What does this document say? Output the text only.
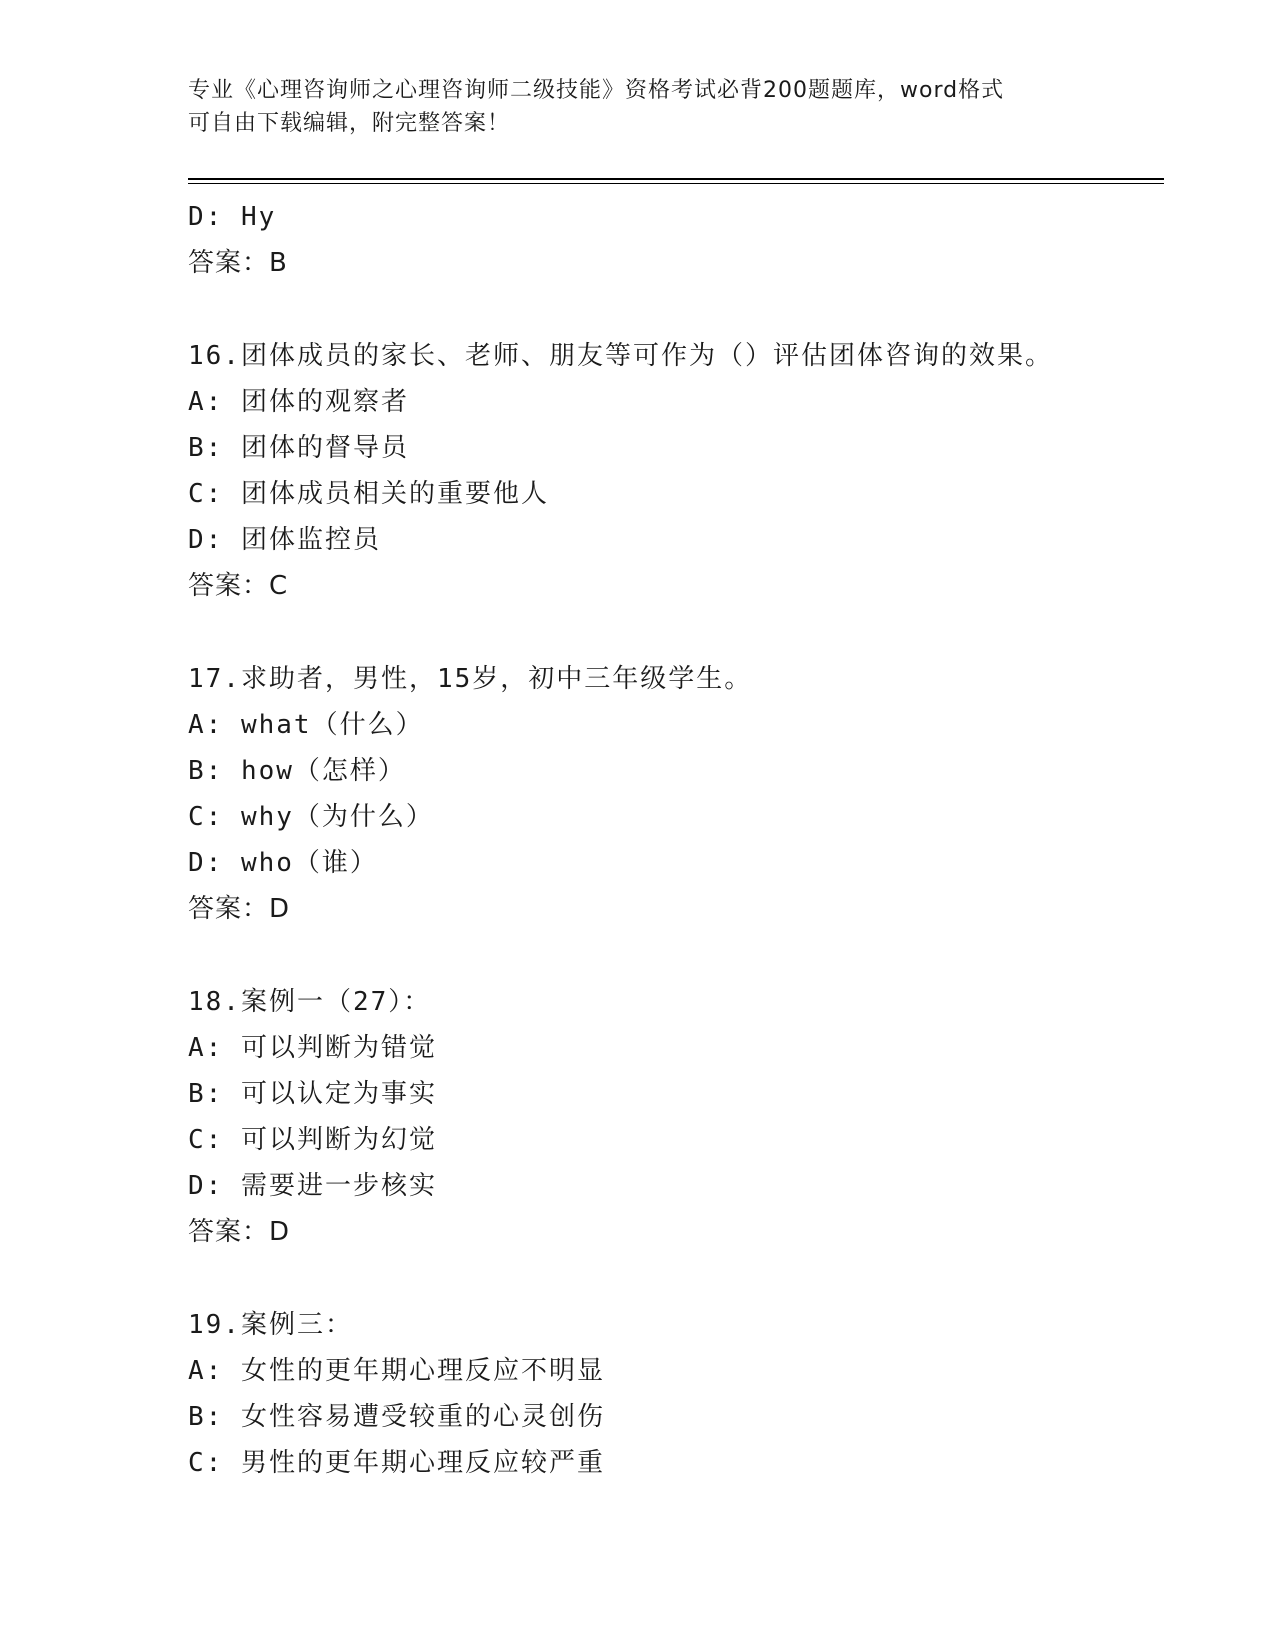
专业《心理咨询师之心理咨询师二级技能》资格考试必背200题题库，word格式
可自由下载编辑，附完整答案！
D: Hy
答案：B
16.团体成员的家长、老师、朋友等可作为（）评估团体咨询的效果。
A: 团体的观察者
B: 团体的督导员
C: 团体成员相关的重要他人
D: 团体监控员
答案：C
17.求助者，男性，15岁，初中三年级学生。
A: what（什么）
B: how（怎样）
C: why（为什么）
D: who（谁）
答案：D
18.案例一（27）：
A: 可以判断为错觉
B: 可以认定为事实
C: 可以判断为幻觉
D: 需要进一步核实
答案：D
19.案例三：
A: 女性的更年期心理反应不明显
B: 女性容易遭受较重的心灵创伤
C: 男性的更年期心理反应较严重
